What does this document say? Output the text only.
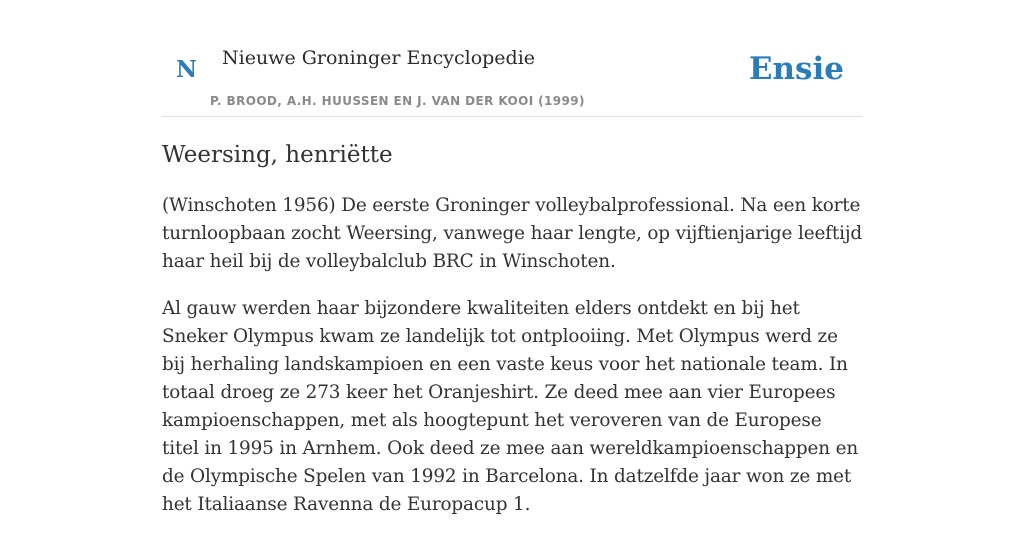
N Nieuwe Groninger Encyclopedie
P. BROOD, A.H. HUUSSEN EN J. VAN DER KOOI (1999)
Ensie
Weersing, henriëtte

(Winschoten 1956) De eerste Groninger volleybalprofessional. Na een korte turnloopbaan zocht Weersing, vanwege haar lengte, op vijftienjarige leeftijd haar heil bij de volleybalclub BRC in Winschoten.

Al gauw werden haar bijzondere kwaliteiten elders ontdekt en bij het Sneker Olympus kwam ze landelijk tot ontplooiing. Met Olympus werd ze bij herhaling landskampioen en een vaste keus voor het nationale team. In totaal droeg ze 273 keer het Oranjeshirt. Ze deed mee aan vier Europees kampioenschappen, met als hoogtepunt het veroveren van de Europese titel in 1995 in Arnhem. Ook deed ze mee aan wereldkampioenschappen en de Olympische Spelen van 1992 in Barcelona. In datzelfde jaar won ze met het Italiaanse Ravenna de Europacup 1.
